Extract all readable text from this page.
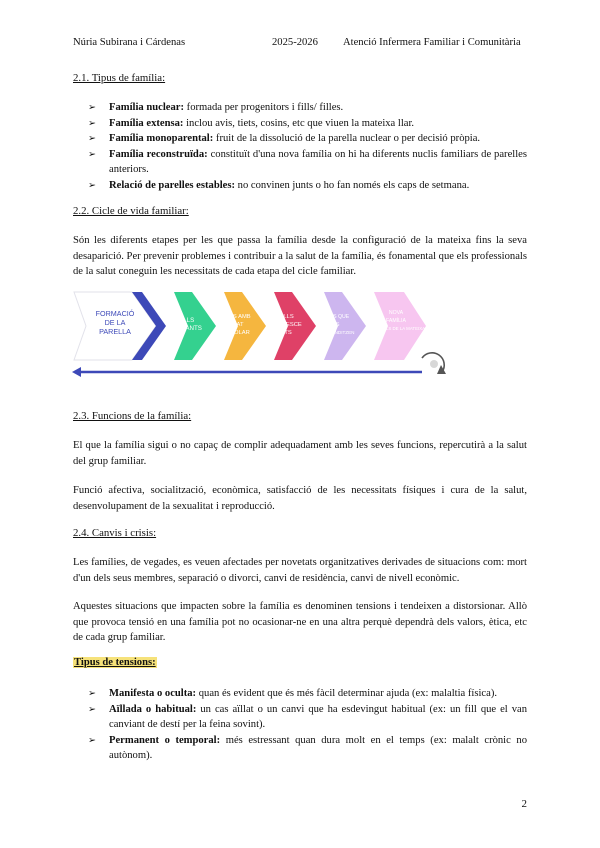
Núria Subirana i Cárdenas	2025-2026 Atenció Infermera Familiar i Comunitària
2.1. Tipus de família:
➢ Família nuclear: formada per progenitors i fills/ filles.
➢ Família extensa: inclou avis, tiets, cosins, etc que viuen la mateixa llar.
➢ Família monoparental: fruit de la dissolució de la parella nuclear o per decisió pròpia.
➢ Família reconstruïda: constituït d'una nova família on hi ha diferents nuclis familiars de parelles anteriors.
➢ Relació de parelles estables: no convinen junts o ho fan només els caps de setmana.
2.2. Cicle de vida familiar:
Són les diferents etapes per les que passa la família desde la configuració de la mateixa fins la seva desaparició. Per prevenir problemes i contribuir a la salut de la família, és fonamental que els professionals de la salut coneguin les necessitats de cada etapa del cicle familiar.
FORMACIÓ
DE LA
PARELLA
FILLS
LACTANTS
FILLS AMB
EDAT
ESCOLAR
FILLS
ADOLESCE
NTS
FILLS QUE
ES
INDEPENDITZEN
NOVA
FAMÍLIA
DELS FILLS DE LA MATEIXA
2.3. Funcions de la família:
El que la família sigui o no capaç de complir adequadament amb les seves funcions, repercutirà a la salut del grup familiar.
Funció afectiva, socialització, econòmica, satisfacció de les necessitats físiques i cura de la salut, desenvolupament de la sexualitat i reproducció.
2.4. Canvis i crisis:
Les famílies, de vegades, es veuen afectades per novetats organitzatives derivades de situacions com: mort d'un dels seus membres, separació o divorci, canvi de residència, canvi de nivell econòmic.
Aquestes situacions que impacten sobre la família es denominen tensions i tendeixen a distorsionar. Allò que provoca tensió en una família pot no ocasionar-ne en una altra perquè dependrà dels valors, ètica, etc de cada grup familiar.
Tipus de tensions:
➢ Manifesta o oculta: quan és evident que és més fàcil determinar ajuda (ex: malaltia física).
➢ Aïllada o habitual: un cas aïllat o un canvi que ha esdevingut habitual (ex: un fill que el van canviant de destí per la feina sovint).
➢ Permanent o temporal: més estressant quan dura molt en el temps (ex: malalt crònic no autònom).
2
